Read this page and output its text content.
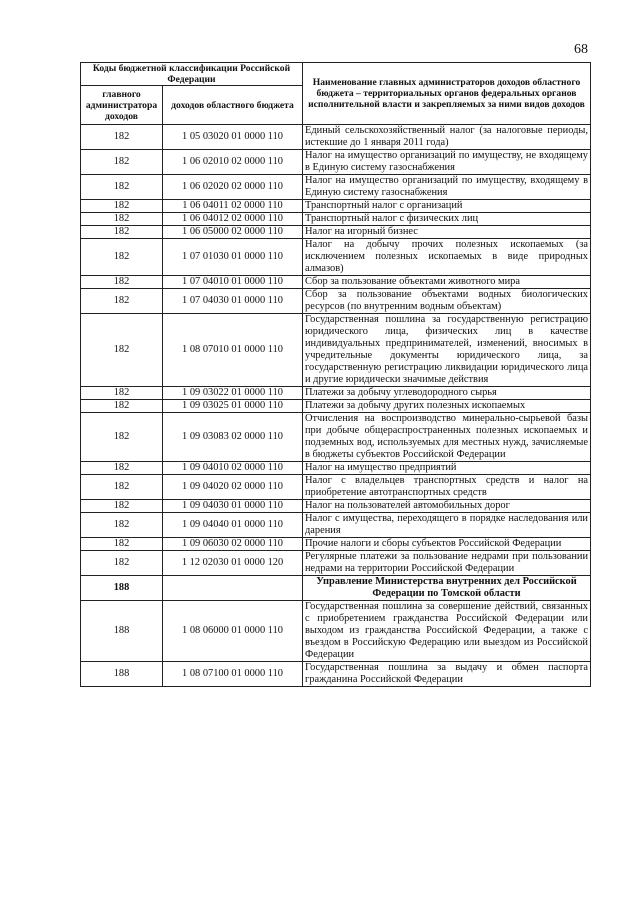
68
Коды бюджетной классификации Российской Федерации		Наименование главных администраторов доходов областного бюджета – территориальных органов федеральных органов исполнительной власти и закрепляемых за ними видов доходов
главного администратора доходов	доходов областного бюджета	
182	1 05 03020 01 0000 110	Единый сельскохозяйственный налог (за налоговые периоды, истекшие до 1 января 2011 года)
182	1 06 02010 02 0000 110	Налог на имущество организаций по имуществу, не входящему в Единую систему газоснабжения
182	1 06 02020 02 0000 110	Налог на имущество организаций по имуществу, входящему в Единую систему газоснабжения
182	1 06 04011 02 0000 110	Транспортный налог с организаций
182	1 06 04012 02 0000 110	Транспортный налог с физических лиц
182	1 06 05000 02 0000 110	Налог на игорный бизнес
182	1 07 01030 01 0000 110	Налог на добычу прочих полезных ископаемых (за исключением полезных ископаемых в виде природных алмазов)
182	1 07 04010 01 0000 110	Сбор за пользование объектами животного мира
182	1 07 04030 01 0000 110	Сбор за пользование объектами водных биологических ресурсов (по внутренним водным объектам)
182	1 08 07010 01 0000 110	Государственная пошлина за государственную регистрацию юридического лица, физических лиц в качестве индивидуальных предпринимателей, изменений, вносимых в учредительные документы юридического лица, за государственную регистрацию ликвидации юридического лица и другие юридически значимые действия
182	1 09 03022 01 0000 110	Платежи за добычу углеводородного сырья
182	1 09 03025 01 0000 110	Платежи за добычу других полезных ископаемых
182	1 09 03083 02 0000 110	Отчисления на воспроизводство минерально-сырьевой базы при добыче общераспространенных полезных ископаемых и подземных вод, используемых для местных нужд, зачисляемые в бюджеты субъектов Российской Федерации
182	1 09 04010 02 0000 110	Налог на имущество предприятий
182	1 09 04020 02 0000 110	Налог с владельцев транспортных средств и налог на приобретение автотранспортных средств
182	1 09 04030 01 0000 110	Налог на пользователей автомобильных дорог
182	1 09 04040 01 0000 110	Налог с имущества, переходящего в порядке наследования или дарения
182	1 09 06030 02 0000 110	Прочие налоги и сборы субъектов Российской Федерации
182	1 12 02030 01 0000 120	Регулярные платежи за пользование недрами при пользовании недрами на территории Российской Федерации
188		Управление Министерства внутренних дел Российской Федерации по Томской области
188	1 08 06000 01 0000 110	Государственная пошлина за совершение действий, связанных с приобретением гражданства Российской Федерации или выходом из гражданства Российской Федерации, а также с въездом в Российскую Федерацию или выездом из Российской Федерации
188	1 08 07100 01 0000 110	Государственная пошлина за выдачу и обмен паспорта гражданина Российской Федерации
